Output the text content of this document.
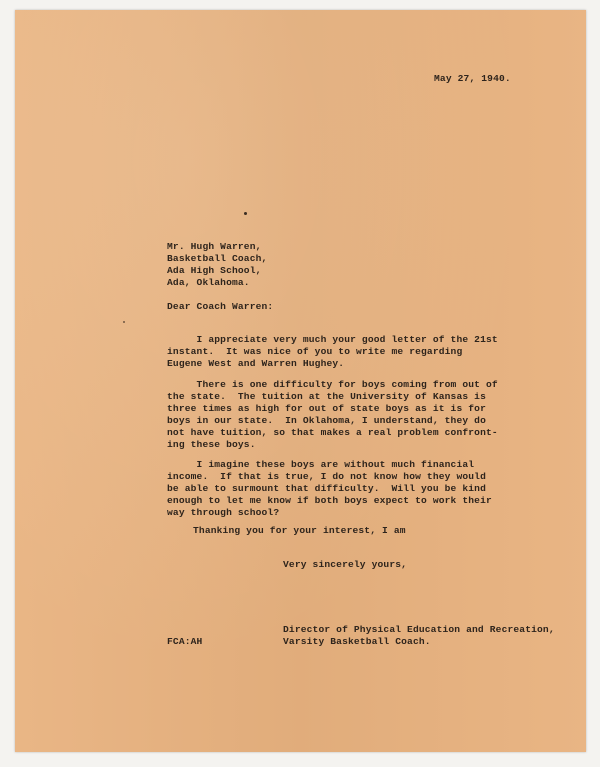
May 27, 1940.
Mr. Hugh Warren,
Basketball Coach,
Ada High School,
Ada, Oklahoma.
Dear Coach Warren:
I appreciate very much your good letter of the 21st
instant.  It was nice of you to write me regarding
Eugene West and Warren Hughey.
There is one difficulty for boys coming from out of
the state.  The tuition at the University of Kansas is
three times as high for out of state boys as it is for
boys in our state.  In Oklahoma, I understand, they do
not have tuition, so that makes a real problem confront-
ing these boys.
I imagine these boys are without much financial
income.  If that is true, I do not know how they would
be able to surmount that difficulty.  Will you be kind
enough to let me know if both boys expect to work their
way through school?
Thanking you for your interest, I am
Very sincerely yours,
Director of Physical Education and Recreation,
Varsity Basketball Coach.
FCA:AH
